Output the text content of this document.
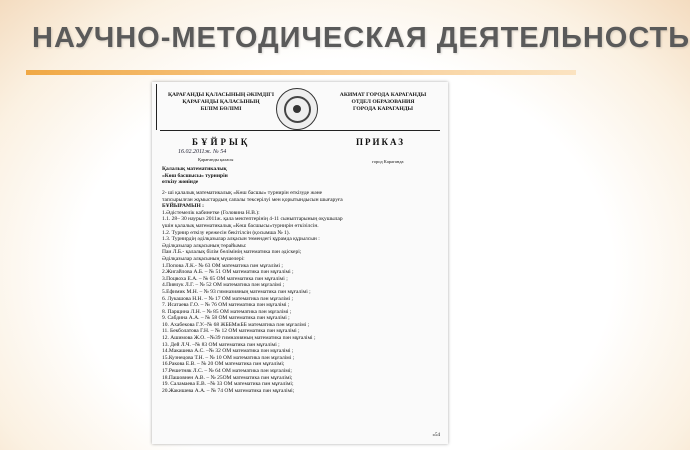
НАУЧНО-МЕТОДИЧЕСКАЯ ДЕЯТЕЛЬНОСТЬ
ҚАРАҒАНДЫ ҚАЛАСЫНЫҢ ӘКІМДІГІ
ҚАРАҒАНДЫ ҚАЛАСЫНЫҢ
БІЛІМ БӨЛІМІ
АКИМАТ ГОРОДА КАРАГАНДЫ
ОТДЕЛ ОБРАЗОВАНИЯ
ГОРОДА КАРАГАНДЫ
БҰЙРЫҚ	ПРИКАЗ
16.02.2011ж. № 54
Қарағанды қаласы	город Караганда
Қалалық математикалық
«Көш басшысы» турнирін
өткізу жөнінде
2- ші қалалық математикалық «Көш басшы» турнирін өткізуде және
тапсырылған жұмыстардың сапалы тексерілуі мен қорытындысын шығаруға
БҰЙЫРАМЫН :
1.Әдістемелік кабинетке (Головина Н.В.):
1.1. 28– 30 наурыз 2011ж. қала мектептерінің 4-11 сыныптарының оқушылар
үшін қалалық математикалық «Көш басшысы»турнирін өткізілсін.
1.2. Турнир өткізу ережесін бекітілсін (қосымша № 1).
1.3. Турнирдің әділқазылар алқасын төмендегі құрамда құрылсын :
Әділқазылар алқасының төрайымы:
Паи Л.Б.- қалалық білім бөлімінің математика пән әдіскері;
Әділқазылар алқасының мүшелері:
1.Попова Л.К.- № 63 ОМ математика пән мұғалімі ;
2.Жигайлова А.Б. – № 51 ОМ математика пән мұғалімі ;
3.Поцвоха Е.А. – № 65 ОМ математика пән мұғалімі ;
4.Пивчук Л.Г. – № 52 ОМ математика пән мұғалімі ;
5.Ефимик М.Н. – № 93 гимназияның математика пән мұғалімі ;
6. Лукашова Н.Н. – № 17 ОМ математика пән мұғалімі ;
7. Исатаева Г.О. – № 76 ОМ математика пән мұғалімі ;
8. Парщина Л.Н. – № 85 ОМ математика пән мұғалімі ;
9. Сабдина А.А. – № 58 ОМ математика пән мұғалімі ;
10. Ахабекова Г.У.–№ 68 ЖББМжББ математика пән мұғалімі ;
11. Бекболатова Г.Н. – № 12 ОМ математика пән мұғалімі ;
12. Ашимова Ж.О. –№39 гимназияның математика пән мұғалімі ;
13. Дей Л.Ч. –№ 83 ОМ математика пән мұғалімі ;
14.Макашева А.С. –№ 32 ОМ математика пән мұғалімі ;
15.Кузнецова Т.Н. – № 10 ОМ математика пән мұғалімі ;
16.Ракова Е.В. – № 20 ОМ математика пән мұғалімі;
17.Решетняк Л.С. – № 64 ОМ математика пән мұғалімі;
18.Пашовнен А.В. – № 25ОМ математика пән мұғалімі;
19. Саламаева Е.В. –№ 33 ОМ математика пән мұғалімі;
20.Жакишева А.А. – № 74 ОМ математика пән мұғалімі;
»54
